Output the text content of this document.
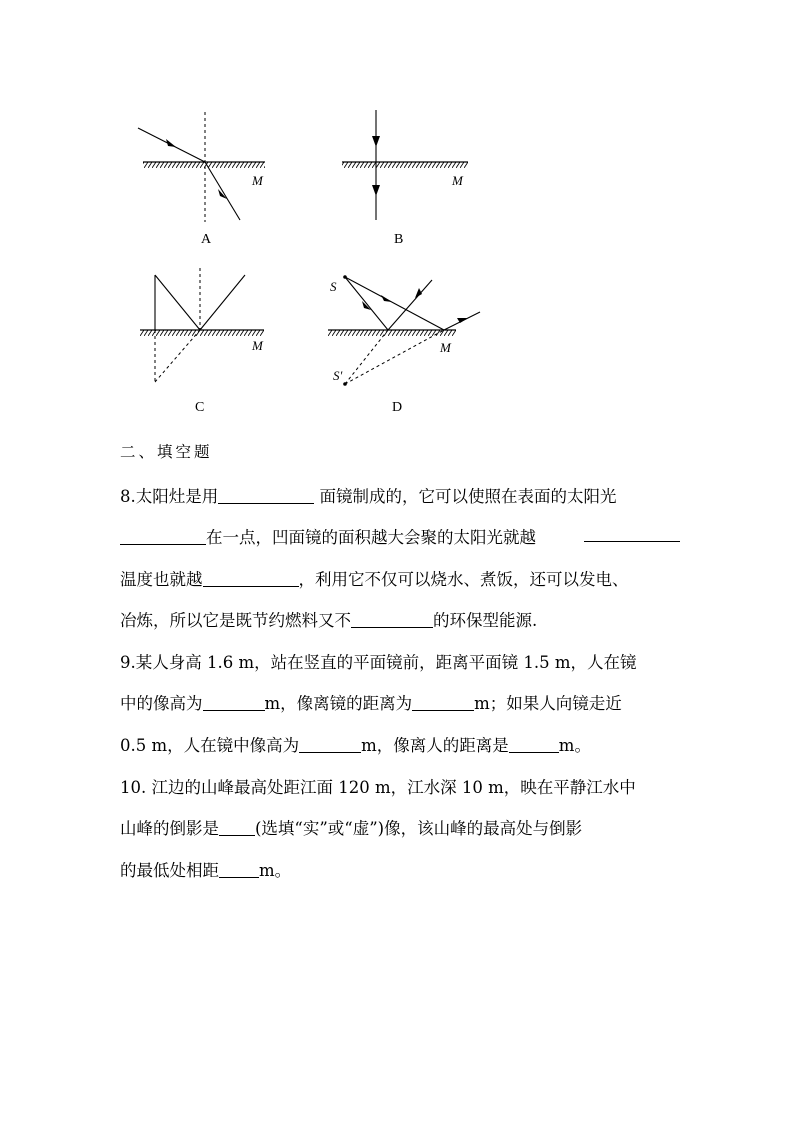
M
A
M
B
M
C
S
S′
M
D
二、填空题
8.太阳灶是用	面镜制成的，它可以使照在表面的太阳光
在一点，凹面镜的面积越大会聚的太阳光就越
温度也就越	，利用它不仅可以烧水、煮饭，还可以发电、
冶炼，所以它是既节约燃料又不	的环保型能源.
9.某人身高 1.6 m，站在竖直的平面镜前，距离平面镜 1.5 m，人在镜
中的像高为	m，像离镜的距离为	m；如果人向镜走近
0.5 m，人在镜中像高为	m，像离人的距离是	m。
10. 江边的山峰最高处距江面 120 m，江水深 10 m，映在平静江水中
山峰的倒影是 (选填“实”或“虚”)像，该山峰的最高处与倒影
的最低处相距 m。
